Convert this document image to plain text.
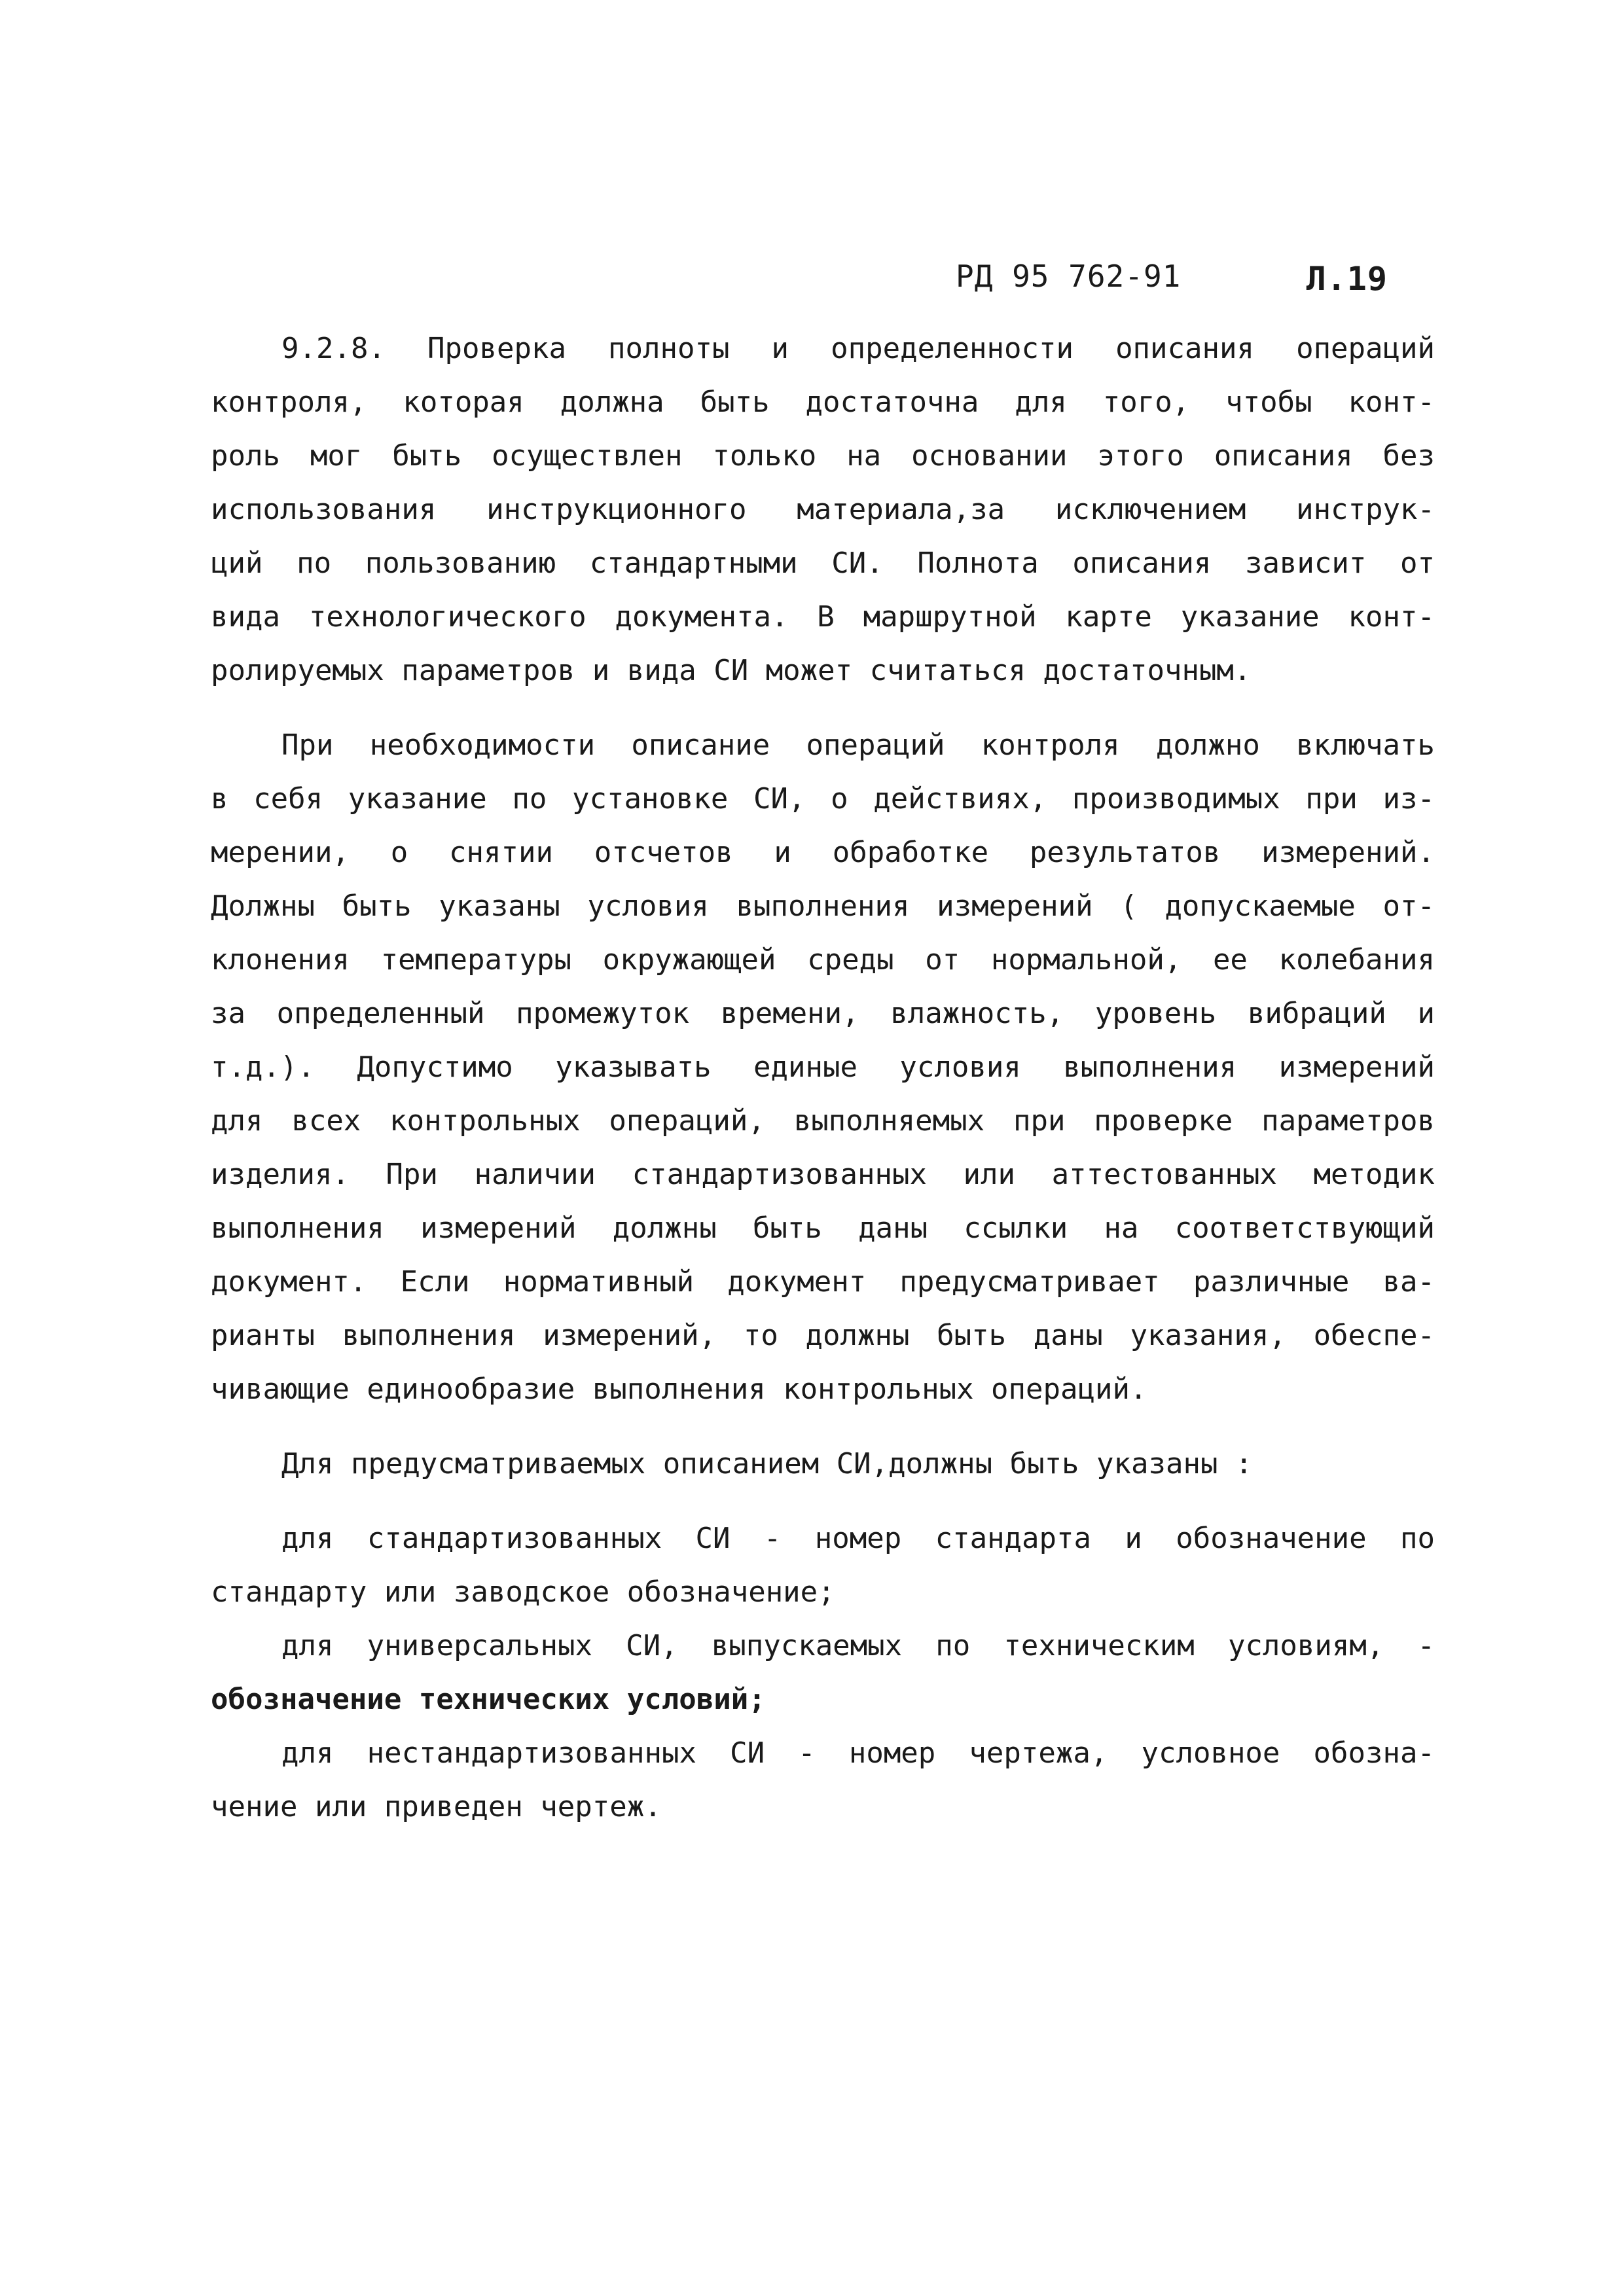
РД 95 762-91	Л.19
9.2.8. Проверка полноты и определенности описания операций
контроля, которая должна быть достаточна для того, чтобы конт-
роль мог быть осуществлен только на основании этого описания без
использования инструкционного материала,за исключением инструк-
ций по пользованию стандартными СИ. Полнота описания зависит от
вида технологического документа. В маршрутной карте указание конт-
ролируемых параметров и вида СИ может считаться достаточным.
При необходимости описание операций контроля должно включать
в себя указание по установке СИ, о действиях, производимых при из-
мерении, о снятии отсчетов и обработке результатов измерений.
Должны быть указаны условия выполнения измерений ( допускаемые от-
клонения температуры окружающей среды от нормальной, ее колебания
за определенный промежуток времени, влажность, уровень вибраций и
т.д.). Допустимо указывать единые условия выполнения измерений
для всех контрольных операций, выполняемых при проверке параметров
изделия. При наличии стандартизованных или аттестованных методик
выполнения измерений должны быть даны ссылки на соответствующий
документ. Если нормативный документ предусматривает различные ва-
рианты выполнения измерений, то должны быть даны указания, обеспе-
чивающие единообразие выполнения контрольных операций.
Для предусматриваемых описанием СИ,должны быть указаны :
для стандартизованных СИ - номер стандарта и обозначение по
стандарту или заводское обозначение;
для универсальных СИ, выпускаемых по техническим условиям, -
обозначение технических условий;
для нестандартизованных СИ - номер чертежа, условное обозна-
чение или приведен чертеж.
